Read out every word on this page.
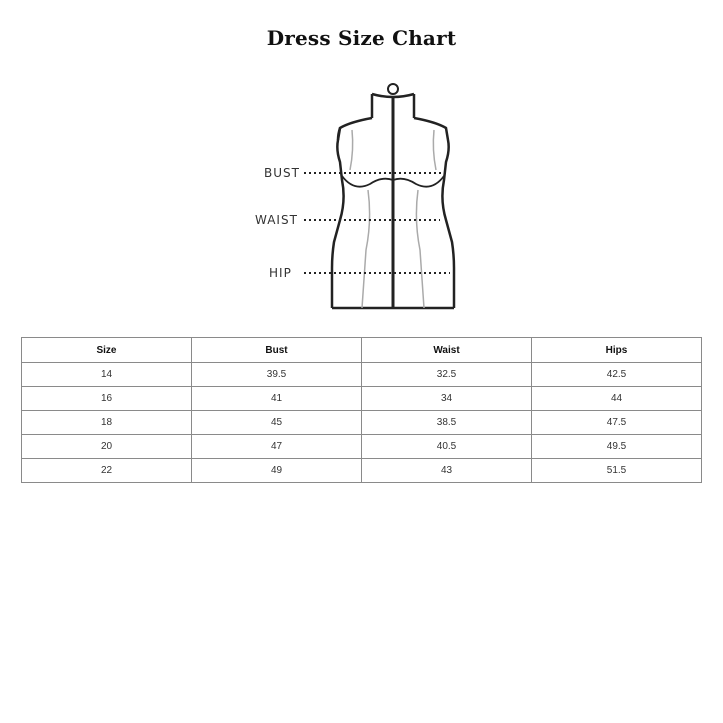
Dress Size Chart
BUST
WAIST
HIP
Size	Bust	Waist	Hips
14	39.5	32.5	42.5
16	41	34	44
18	45	38.5	47.5
20	47	40.5	49.5
22	49	43	51.5
